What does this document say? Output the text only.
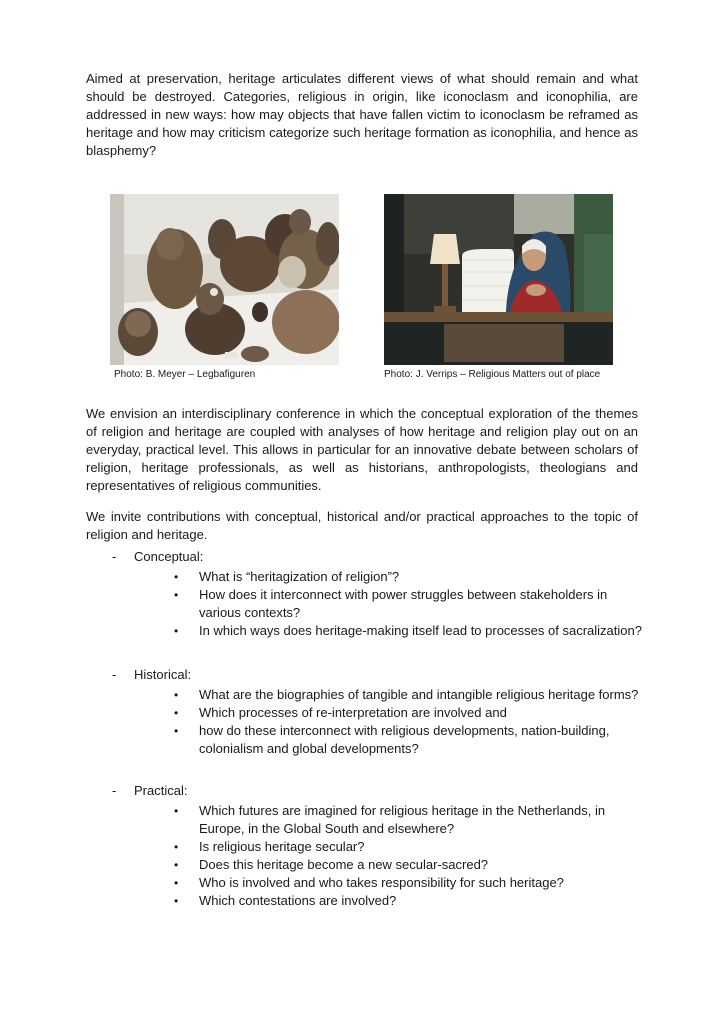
Aimed at preservation, heritage articulates different views of what should remain and what should be destroyed. Categories, religious in origin, like iconoclasm and iconophilia, are addressed in new ways: how may objects that have fallen victim to iconoclasm be reframed as heritage and how may criticism categorize such heritage formation as iconophilia, and hence as blasphemy?

Photo: B. Meyer – Legbafiguren	Photo: J. Verrips – Religious Matters out of place

We envision an interdisciplinary conference in which the conceptual exploration of the themes of religion and heritage are coupled with analyses of how heritage and religion play out on an everyday, practical level. This allows in particular for an innovative debate between scholars of religion, heritage professionals, as well as historians, anthropologists, theologians and representatives of religious communities.

We invite contributions with conceptual, historical and/or practical approaches to the topic of religion and heritage.

- Conceptual:
•	What is “heritagization of religion”?
•	How does it interconnect with power struggles between stakeholders in various contexts?
•	In which ways does heritage-making itself lead to processes of sacralization?
- Historical:
•	What are the biographies of tangible and intangible religious heritage forms?
•	Which processes of re-interpretation are involved and
•	how do these interconnect with religious developments, nation-building, colonialism and global developments?
- Practical:
•	Which futures are imagined for religious heritage in the Netherlands, in Europe, in the Global South and elsewhere?
•	Is religious heritage secular?
•	Does this heritage become a new secular-sacred?
•	Who is involved and who takes responsibility for such heritage?
•	Which contestations are involved?
